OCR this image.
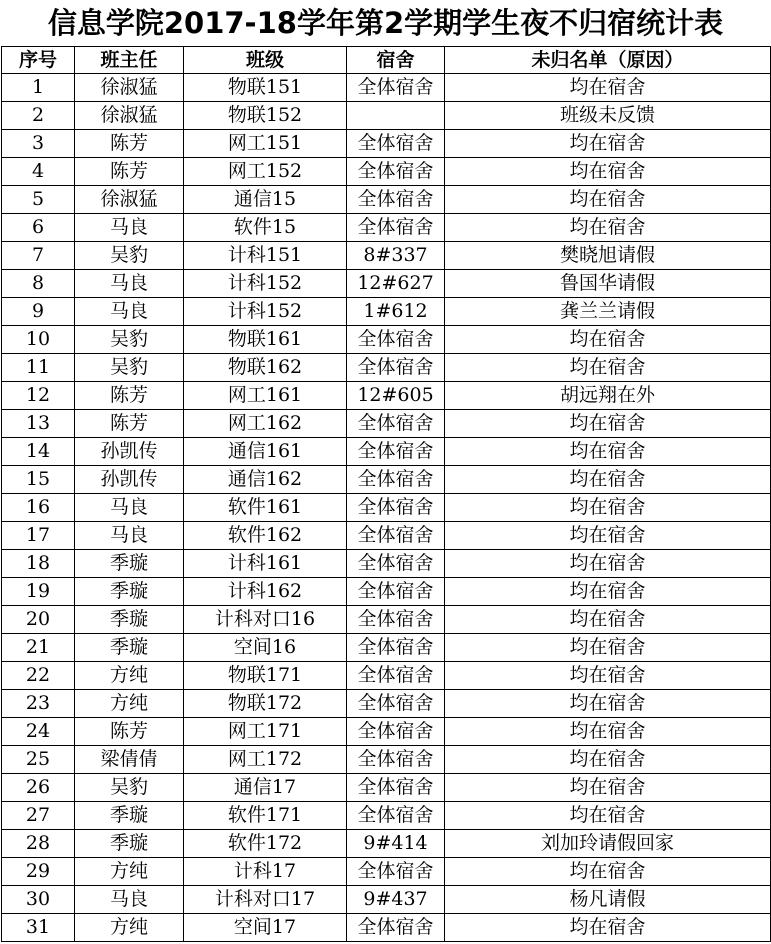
信息学院2017-18学年第2学期学生夜不归宿统计表
序号	班主任	班级	宿舍	未归名单（原因）
1	徐淑猛	物联151	全体宿舍	均在宿舍
2	徐淑猛	物联152		班级未反馈
3	陈芳	网工151	全体宿舍	均在宿舍
4	陈芳	网工152	全体宿舍	均在宿舍
5	徐淑猛	通信15	全体宿舍	均在宿舍
6	马良	软件15	全体宿舍	均在宿舍
7	吴豹	计科151	8#337	樊晓旭请假
8	马良	计科152	12#627	鲁国华请假
9	马良	计科152	1#612	龚兰兰请假
10	吴豹	物联161	全体宿舍	均在宿舍
11	吴豹	物联162	全体宿舍	均在宿舍
12	陈芳	网工161	12#605	胡远翔在外
13	陈芳	网工162	全体宿舍	均在宿舍
14	孙凯传	通信161	全体宿舍	均在宿舍
15	孙凯传	通信162	全体宿舍	均在宿舍
16	马良	软件161	全体宿舍	均在宿舍
17	马良	软件162	全体宿舍	均在宿舍
18	季璇	计科161	全体宿舍	均在宿舍
19	季璇	计科162	全体宿舍	均在宿舍
20	季璇	计科对口16	全体宿舍	均在宿舍
21	季璇	空间16	全体宿舍	均在宿舍
22	方纯	物联171	全体宿舍	均在宿舍
23	方纯	物联172	全体宿舍	均在宿舍
24	陈芳	网工171	全体宿舍	均在宿舍
25	梁倩倩	网工172	全体宿舍	均在宿舍
26	吴豹	通信17	全体宿舍	均在宿舍
27	季璇	软件171	全体宿舍	均在宿舍
28	季璇	软件172	9#414	刘加玲请假回家
29	方纯	计科17	全体宿舍	均在宿舍
30	马良	计科对口17	9#437	杨凡请假
31	方纯	空间17	全体宿舍	均在宿舍
